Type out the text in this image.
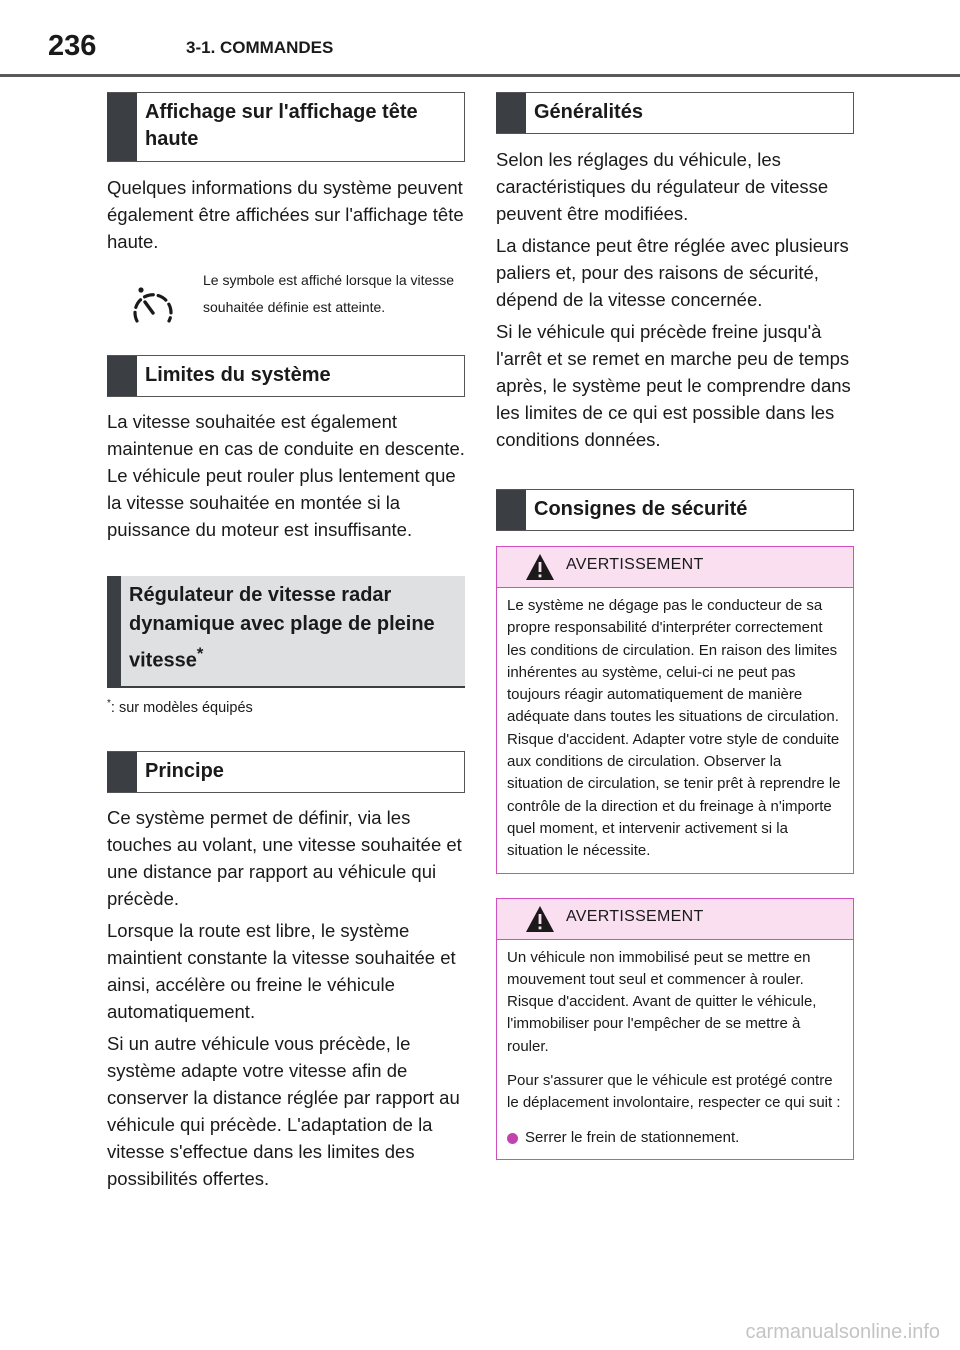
236	3-1. COMMANDES
Affichage sur l'affichage tête haute

Quelques informations du système peuvent également être affichées sur l'affichage tête haute.

Le symbole est affiché lorsque la vitesse souhaitée définie est atteinte.
Limites du système

La vitesse souhaitée est également maintenue en cas de conduite en descente. Le véhicule peut rouler plus lentement que la vitesse souhaitée en montée si la puissance du moteur est insuffisante.

Régulateur de vitesse radar dynamique avec plage de pleine vitesse*
*: sur modèles équipés
Principe

Ce système permet de définir, via les touches au volant, une vitesse souhaitée et une distance par rapport au véhicule qui précède.

Lorsque la route est libre, le système maintient constante la vitesse souhaitée et ainsi, accélère ou freine le véhicule automatiquement.

Si un autre véhicule vous précède, le système adapte votre vitesse afin de conserver la distance réglée par rapport au véhicule qui précède. L'adaptation de la vitesse s'effectue dans les limites des possibilités offertes.

Généralités

Selon les réglages du véhicule, les caractéristiques du régulateur de vitesse peuvent être modifiées.

La distance peut être réglée avec plusieurs paliers et, pour des raisons de sécurité, dépend de la vitesse concernée.

Si le véhicule qui précède freine jusqu'à l'arrêt et se remet en marche peu de temps après, le système peut le comprendre dans les limites de ce qui est possible dans les conditions données.

Consignes de sécurité
AVERTISSEMENT

Le système ne dégage pas le conducteur de sa propre responsabilité d'interpréter correctement les conditions de circulation. En raison des limites inhérentes au système, celui-ci ne peut pas toujours réagir automatiquement de manière adéquate dans toutes les situations de circulation. Risque d'accident. Adapter votre style de conduite aux conditions de circulation. Observer la situation de circulation, se tenir prêt à reprendre le contrôle de la direction et du freinage à n'importe quel moment, et intervenir activement si la situation le nécessite.

AVERTISSEMENT

Un véhicule non immobilisé peut se mettre en mouvement tout seul et commencer à rouler. Risque d'accident. Avant de quitter le véhicule, l'immobiliser pour l'empêcher de se mettre à rouler.

Pour s'assurer que le véhicule est protégé contre le déplacement involontaire, respecter ce qui suit :

Serrer le frein de stationnement.

carmanualsonline.info
